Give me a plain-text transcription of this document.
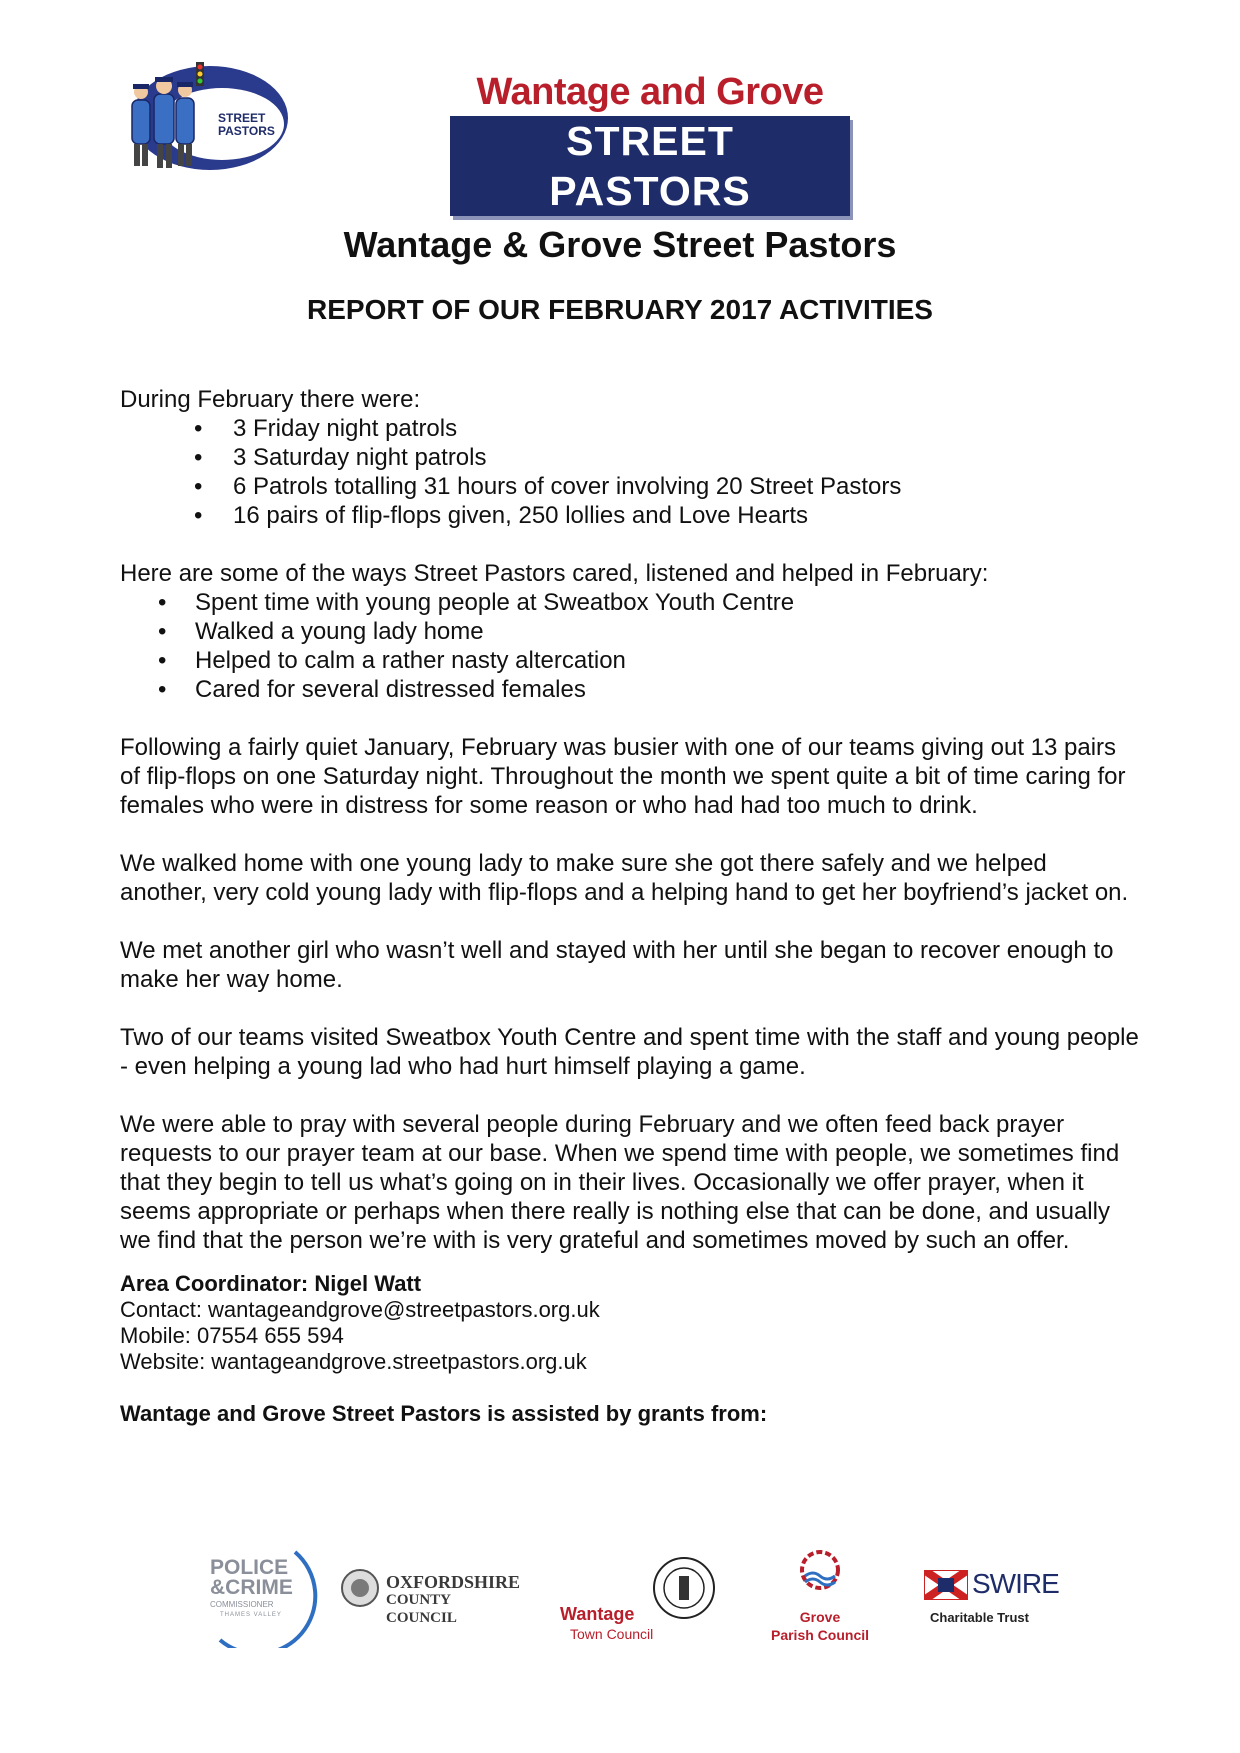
STREET
PASTORS
Wantage and Grove
STREET PASTORS
Wantage & Grove Street Pastors
REPORT OF OUR FEBRUARY 2017 ACTIVITIES

During February there were:

• 3 Friday night patrols
• 3 Saturday night patrols
• 6 Patrols totalling 31 hours of cover involving 20 Street Pastors
• 16 pairs of flip-flops given, 250 lollies and Love Hearts

Here are some of the ways Street Pastors cared, listened and helped in February:

• Spent time with young people at Sweatbox Youth Centre
• Walked a young lady home
• Helped to calm a rather nasty altercation
• Cared for several distressed females

Following a fairly quiet January, February was busier with one of our teams giving out 13 pairs of flip-flops on one Saturday night. Throughout the month we spent quite a bit of time caring for females who were in distress for some reason or who had had too much to drink.

We walked home with one young lady to make sure she got there safely and we helped another, very cold young lady with flip-flops and a helping hand to get her boyfriend’s jacket on.

We met another girl who wasn’t well and stayed with her until she began to recover enough to make her way home.

Two of our teams visited Sweatbox Youth Centre and spent time with the staff and young people - even helping a young lad who had hurt himself playing a game.

We were able to pray with several people during February and we often feed back prayer requests to our prayer team at our base. When we spend time with people, we sometimes find that they begin to tell us what’s going on in their lives. Occasionally we offer prayer, when it seems appropriate or perhaps when there really is nothing else that can be done, and usually we find that the person we’re with is very grateful and sometimes moved by such an offer.

Area Coordinator: Nigel Watt
Contact: wantageandgrove@streetpastors.org.uk
Mobile: 07554 655 594
Website: wantageandgrove.streetpastors.org.uk
Wantage and Grove Street Pastors is assisted by grants from:
POLICE
&CRIME
COMMISSIONER
THAMES VALLEY
OXFORDSHIRE
COUNTY COUNCIL	Wantage
Town Council
Grove
Parish Council
SWIRE
Charitable Trust
